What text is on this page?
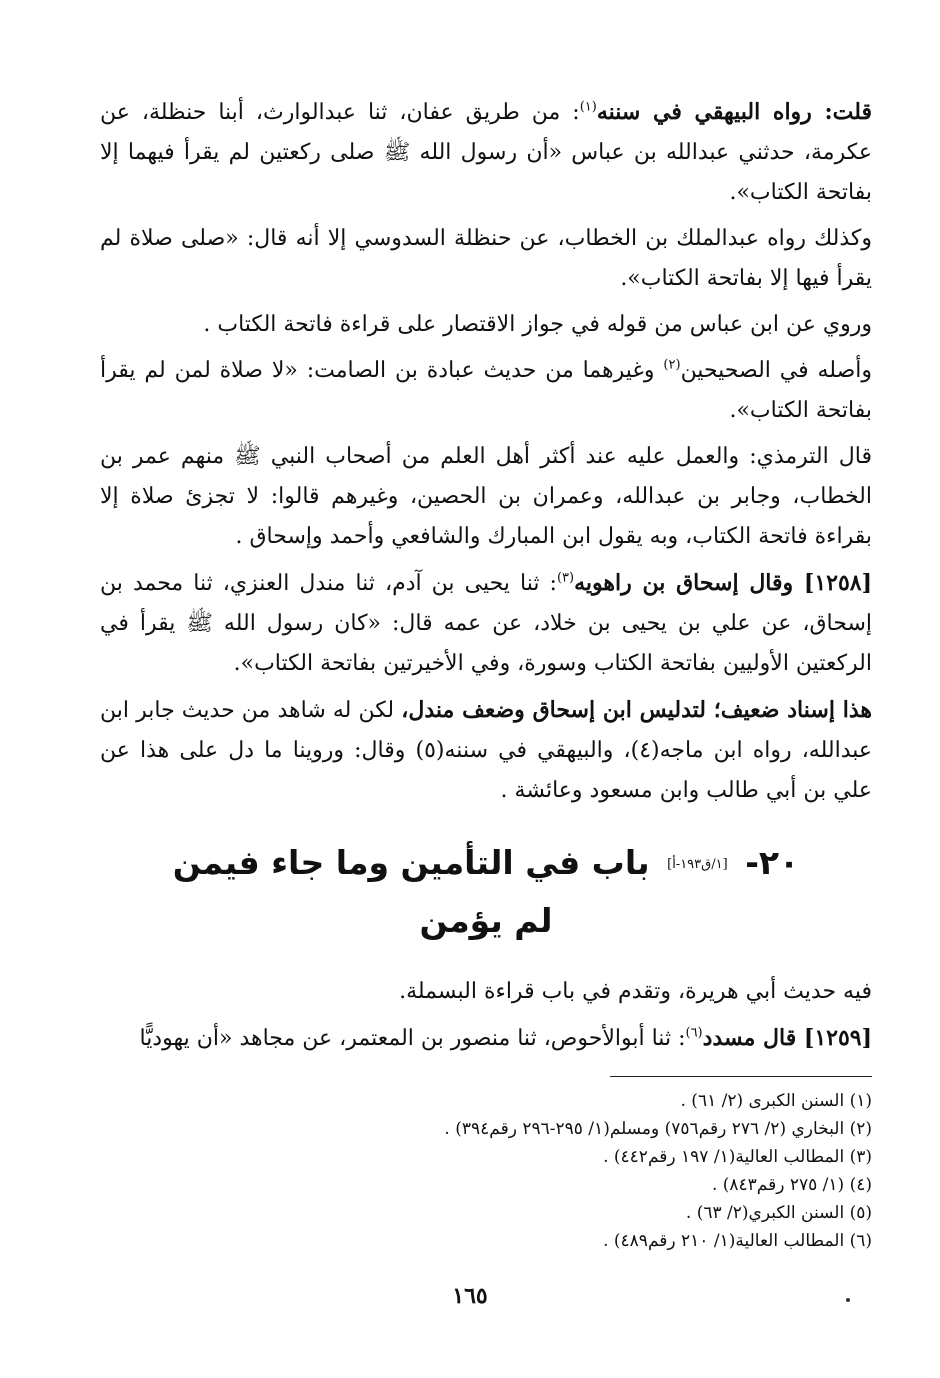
قلت: رواه البيهقي في سننه$^{(١)}$: من طريق عفان، ثنا عبدالوارث، أبنا حنظلة، عن عكرمة، حدثني عبدالله بن عباس «أن رسول الله ﷺ صلى ركعتين لم يقرأ فيهما إلا بفاتحة الكتاب».

وكذلك رواه عبدالملك بن الخطاب، عن حنظلة السدوسي إلا أنه قال: «صلى صلاة لم يقرأ فيها إلا بفاتحة الكتاب».

وروي عن ابن عباس من قوله في جواز الاقتصار على قراءة فاتحة الكتاب .

وأصله في الصحيحين$^{(٢)}$ وغيرهما من حديث عبادة بن الصامت: «لا صلاة لمن لم يقرأ بفاتحة الكتاب».

قال الترمذي: والعمل عليه عند أكثر أهل العلم من أصحاب النبي ﷺ منهم عمر بن الخطاب، وجابر بن عبدالله، وعمران بن الحصين، وغيرهم قالوا: لا تجزئ صلاة إلا بقراءة فاتحة الكتاب، وبه يقول ابن المبارك والشافعي وأحمد وإسحاق .

[١٢٥٨] وقال إسحاق بن راهويه$^{(٣)}$: ثنا يحيى بن آدم، ثنا مندل العنزي، ثنا محمد بن إسحاق، عن علي بن يحيى بن خلاد، عن عمه قال: «كان رسول الله ﷺ يقرأ في الركعتين الأوليين بفاتحة الكتاب وسورة، وفي الأخيرتين بفاتحة الكتاب».

هذا إسناد ضعيف؛ لتدليس ابن إسحاق وضعف مندل، لكن له شاهد من حديث جابر ابن عبدالله، رواه ابن ماجه(٤)، والبيهقي في سننه(٥) وقال: وروينا ما دل على هذا عن علي بن أبي طالب وابن مسعود وعائشة .

٢٠- [١/ق١٩٣-أ] باب في التأمين وما جاء فيمن
لم يؤمن

فيه حديث أبي هريرة، وتقدم في باب قراءة البسملة.

[١٢٥٩] قال مسدد$^{(٦)}$: ثنا أبوالأحوص، ثنا منصور بن المعتمر، عن مجاهد «أن يهوديًّا

(١) السنن الكبرى (٢/ ٦١) .
(٢) البخاري (٢/ ٢٧٦ رقم٧٥٦) ومسلم(١/ ٢٩٥-٢٩٦ رقم٣٩٤) .
(٣) المطالب العالية(١/ ١٩٧ رقم٤٤٢) .
(٤) (١/ ٢٧٥ رقم٨٤٣) .
(٥) السنن الكبري(٢/ ٦٣) .
(٦) المطالب العالية(١/ ٢١٠ رقم٤٨٩) .
١٦٥
